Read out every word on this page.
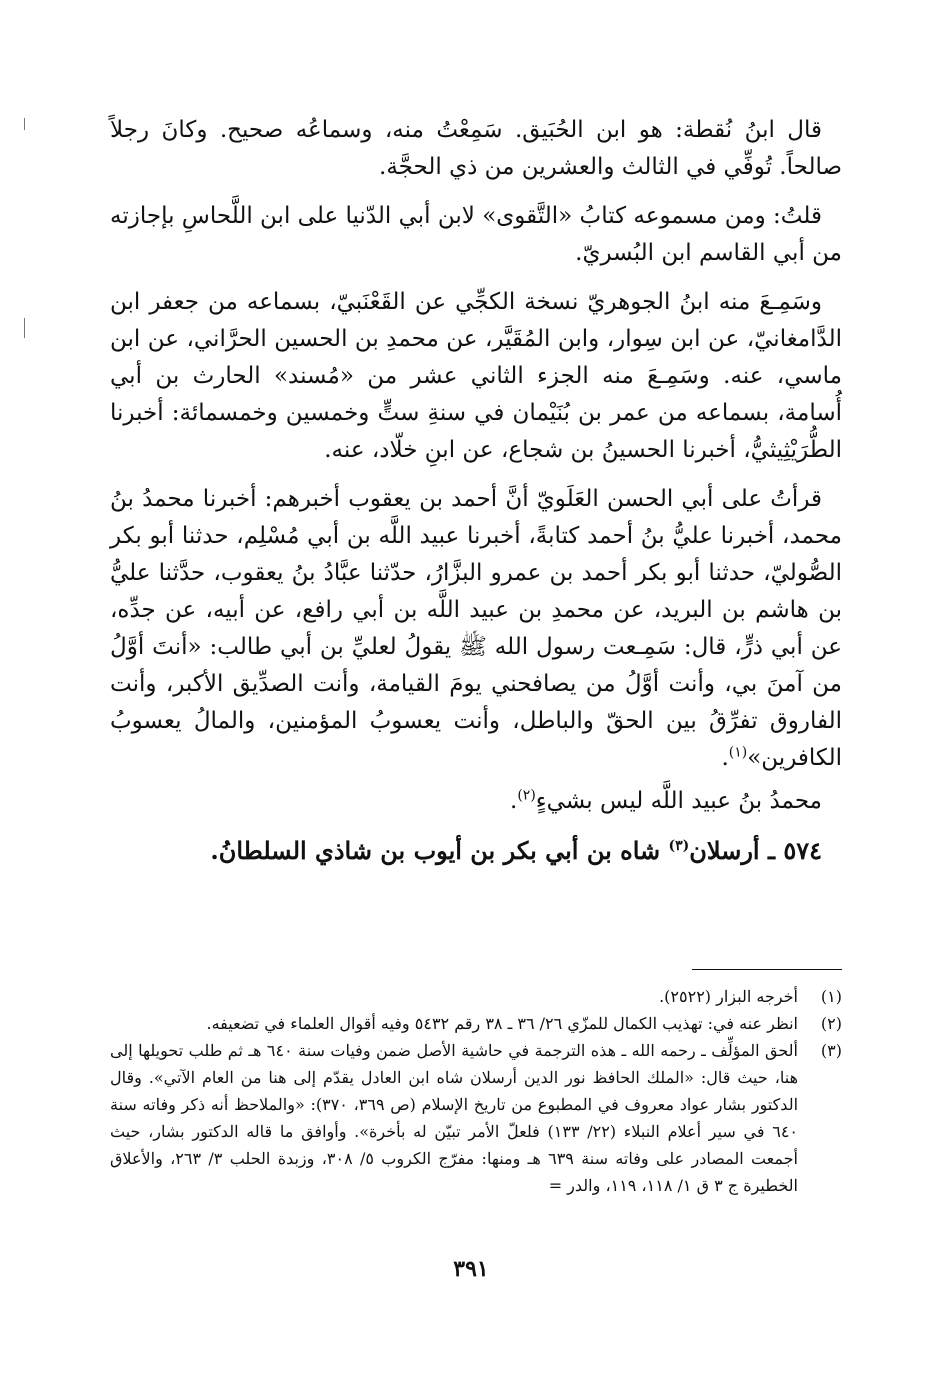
قال ابنُ نُقطة: هو ابن الحُبَيق. سَمِعْتُ منه، وسماعُه صحيح. وكانَ رجلاً صالحاً. تُوفِّي في الثالث والعشرين من ذي الحجَّة.

قلتُ: ومن مسموعه كتابُ «التَّقوى» لابن أبي الدّنيا على ابن اللَّحاسِ بإجازته من أبي القاسم ابن البُسريّ.

وسَمِـعَ منه ابنُ الجوهريّ نسخة الكجِّي عن القَعْنَبيّ، بسماعه من جعفر ابن الدَّامغانيّ، عن ابن سِوار، وابن المُقَيَّر، عن محمدِ بن الحسين الحرَّاني، عن ابن ماسي، عنه. وسَمِـعَ منه الجزء الثاني عشر من «مُسند» الحارث بن أبي أُسامة، بسماعه من عمر بن بُنَيْمان في سنةِ ستٍّ وخمسين وخمسمائة: أخبرنا الطُّرَيْثِيثيُّ، أخبرنا الحسينُ بن شجاع، عن ابنِ خلّاد، عنه.

قرأتُ على أبي الحسن العَلَويّ أنَّ أحمد بن يعقوب أخبرهم: أخبرنا محمدُ بنُ محمد، أخبرنا عليُّ بنُ أحمد كتابةً، أخبرنا عبيد اللَّه بن أبي مُسْلِم، حدثنا أبو بكر الصُّوليّ، حدثنا أبو بكر أحمد بن عمرو البزَّارُ، حدّثنا عبَّادُ بنُ يعقوب، حدَّثنا عليُّ بن هاشم بن البريد، عن محمدِ بن عبيد اللَّه بن أبي رافع، عن أبيه، عن جدِّه، عن أبي ذرٍّ، قال: سَمِـعت رسول الله ﷺ يقولُ لعليِّ بن أبي طالب: «أنتَ أوَّلُ من آمنَ بي، وأنت أوَّلُ من يصافحني يومَ القيامة، وأنت الصدِّيق الأكبر، وأنت الفاروق تفرِّقُ بين الحقّ والباطل، وأنت يعسوبُ المؤمنين، والمالُ يعسوبُ الكافرين»$^{(١)}$.

محمدُ بنُ عبيد اللَّه ليس بشيءٍ$^{(٢)}$.

٥٧٤ ـ أرسلان$^{(٣)}$ شاه بن أبي بكر بن أيوب بن شاذي السلطانُ.

(١)
أخرجه البزار (٢٥٢٢).
(٢)
انظر عنه في: تهذيب الكمال للمزّي ٢٦/ ٣٦ ـ ٣٨ رقم ٥٤٣٢ وفيه أقوال العلماء في تضعيفه.
(٣)
ألحق المؤلِّف ـ رحمه الله ـ هذه الترجمة في حاشية الأصل ضمن وفيات سنة ٦٤٠ هـ ثم طلب تحويلها إلى هنا، حيث قال: «الملك الحافظ نور الدين أرسلان شاه ابن العادل يقدّم إلى هنا من العام الآتي». وقال الدكتور بشار عواد معروف في المطبوع من تاريخ الإسلام (ص ٣٦٩، ٣٧٠): «والملاحظ أنه ذكر وفاته سنة ٦٤٠ في سير أعلام النبلاء (٢٢/ ١٣٣) فلعلّ الأمر تبيّن له بأخرة». وأوافق ما قاله الدكتور بشار، حيث أجمعت المصادر على وفاته سنة ٦٣٩ هـ ومنها: مفرّج الكروب ٥/ ٣٠٨، وزبدة الحلب ٣/ ٢٦٣، والأعلاق الخطيرة ج ٣ ق ١/ ١١٨، ١١٩، والدر =
٣٩١
